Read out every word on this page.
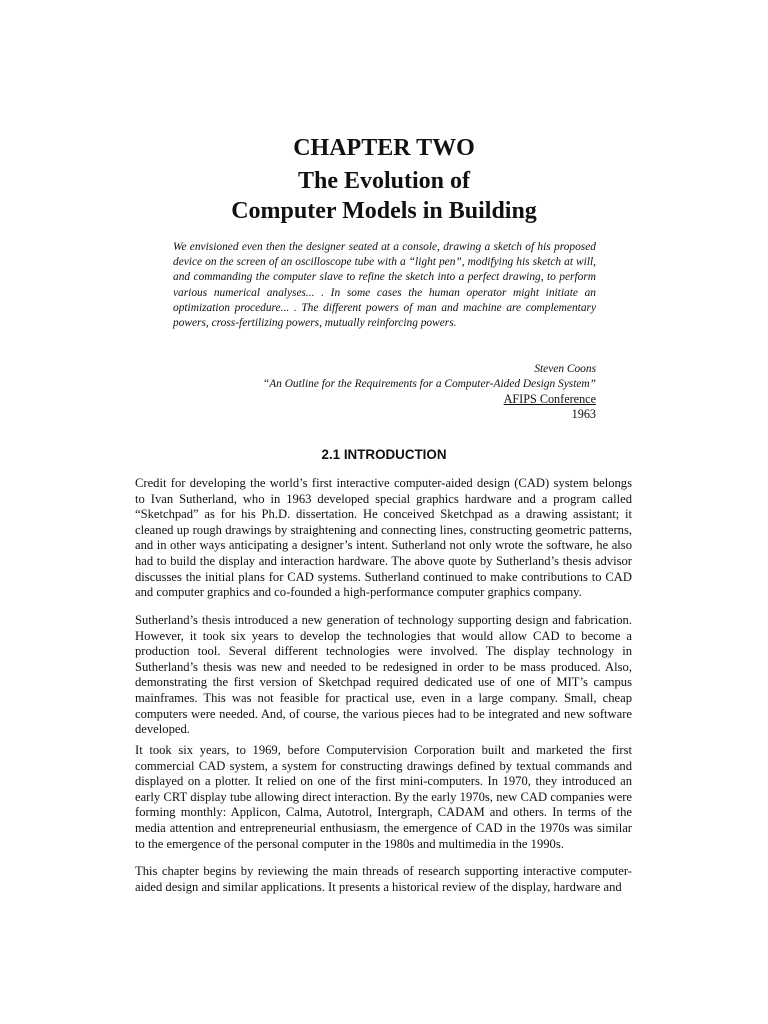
CHAPTER TWO
The Evolution of
Computer Models in Building

We envisioned even then the designer seated at a console, drawing a sketch of his proposed device on the screen of an oscilloscope tube with a “light pen”, modifying his sketch at will, and commanding the computer slave to refine the sketch into a perfect drawing, to perform various numerical analyses... . In some cases the human operator might initiate an optimization procedure... . The different powers of man and machine are complementary powers, cross-fertilizing powers, mutually reinforcing powers.

Steven Coons
“An Outline for the Requirements for a Computer-Aided Design System”
AFIPS Conference
1963
2.1 INTRODUCTION

Credit for developing the world’s first interactive computer-aided design (CAD) system belongs to Ivan Sutherland, who in 1963 developed special graphics hardware and a program called “Sketchpad” as for his Ph.D. dissertation. He conceived Sketchpad as a drawing assistant; it cleaned up rough drawings by straightening and connecting lines, constructing geometric patterns, and in other ways anticipating a designer’s intent. Sutherland not only wrote the software, he also had to build the display and interaction hardware. The above quote by Sutherland’s thesis advisor discusses the initial plans for CAD systems. Sutherland continued to make contributions to CAD and computer graphics and co-founded a high-performance computer graphics company.

Sutherland’s thesis introduced a new generation of technology supporting design and fabrication. However, it took six years to develop the technologies that would allow CAD to become a production tool. Several different technologies were involved. The display technology in Sutherland’s thesis was new and needed to be redesigned in order to be mass produced. Also, demonstrating the first version of Sketchpad required dedicated use of one of MIT’s campus mainframes. This was not feasible for practical use, even in a large company. Small, cheap computers were needed. And, of course, the various pieces had to be integrated and new software developed.

It took six years, to 1969, before Computervision Corporation built and marketed the first commercial CAD system, a system for constructing drawings defined by textual commands and displayed on a plotter. It relied on one of the first mini-computers. In 1970, they introduced an early CRT display tube allowing direct interaction. By the early 1970s, new CAD companies were forming monthly: Applicon, Calma, Autotrol, Intergraph, CADAM and others. In terms of the media attention and entrepreneurial enthusiasm, the emergence of CAD in the 1970s was similar to the emergence of the personal computer in the 1980s and multimedia in the 1990s.

This chapter begins by reviewing the main threads of research supporting interactive computer-aided design and similar applications. It presents a historical review of the display, hardware and
